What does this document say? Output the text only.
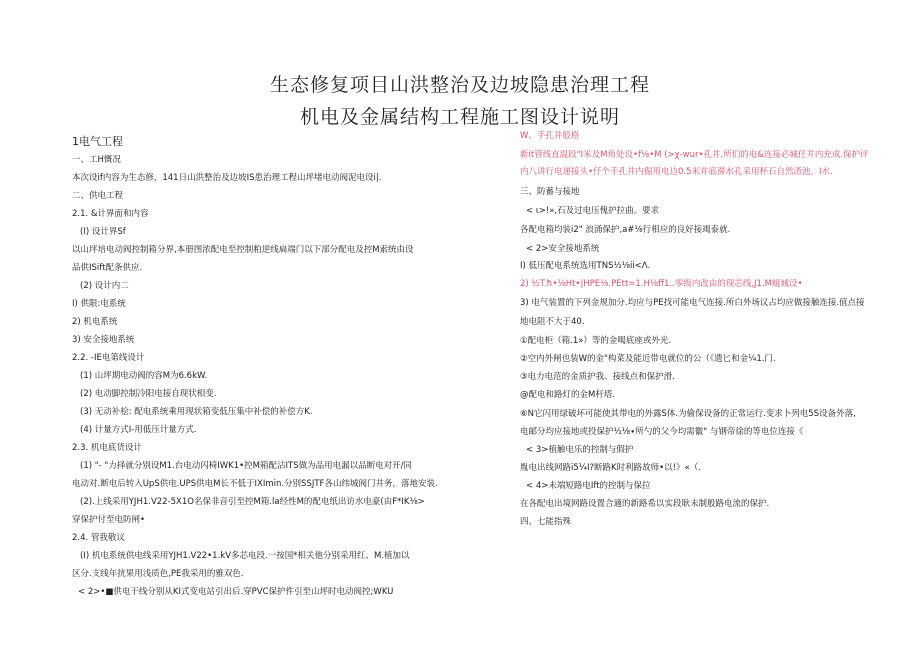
生态修复项目山洪整治及边坡隐患治理工程
机电及金属结构工程施工图设计说明
1电气工程
一、工H慨况
本次设if内容为生态修，141日山洪整治及边坡IS患治理工程山坪堵电动阀泥电设i|.
二、供电工程
2.1. &计界面和内容
(I) 设计界Sf
以山坪培电动阀控制箱分界,本册图浓配电至控制粕逆线扁端门以下部分配电及控M索统由设
品供ISift配条供应.
(2) 设计内二
I) 供限:电系统
2) 机电系统
3) 安全接地系统
2.2. -IE电第线设计
(1) 山坪期电动阀的容M为6.6kW.
(2) 电动脚控制冷阳电接自现状相变.
(3) 无动补桧: 配电系统乘用现状箱变低压集中补偿的补偿方K.
(4) 计量方式I-用低压计量方式.
2.3. 机电底货设计
(1) "- "力择就分别设M1.台电动闪椅IWK1•控M箱配沾ITS做为品用电漏以品断电对开/同
电动对.断电后转入UpS供电.UPS供电M长不低于IXImin.分别SSJTF各山纬城阀门井务，落地安装.
(2).上线采用YJH1.V22-5X1O名保非音引至控M箱.la经性M的配电纸出访水电豪(由F*IK⅛>
穿保护付至电防闸•
2.4. 管我敬议
(I) 机电系统供电线采用YJH1.V22•1.kV多芯电段.一按国*相关他分别采用红、M.植加以
区分.支线年扰果用浅质色,PE我采用的雅双色.
< 2>•■供电干线分别从KI式变电站引出后.穿PVC保护件引至山坪时电动阀控;WKU
W、手孔并般格
新it管线直温段"I米及M角处设•f⅛•M (>χ-wur•孔井.所们的电&连接必城任井内充成.保护评
内八讲行电递接头•仔个手孔井内倔用电边0.5米并底滞水孔采用杯石自然渣池，I水.
三、防蓄与接地
< ι>!»,石及过电压傀护拉曲。要求
各配电箱均装i2" 浪涌保护,a#⅛行相应的良好接竭泰就.
< 2>安全接地系统
I) 低压配电系统选用TNS½⅛ii<Λ.
2) ½T.ħ•⅛Ht•|HPE⅛.PEtt=1.H⅛ff1..零级内改由的现芯线,J1.M蜓城设•
3) 电气装置的下列金规加分.均应与PE找可能电气连接.所白外场议占均应做接触连接.值点接
地电阻不大于40.
①配电柜（箱.1»）等的金喝底座或外光.
②空内外闸也装W的金"构菜及能近带电就位的公（《遗匕和金¼1.门.
③电力电范的金质护我、接线点和保护滑.
@配电和路灯的金M杆塔.
⑥N它闪用绿破坏可能使其带电的外露S体.为偷保设备的正常运行.变求卜列电5S设备外落,
电邮分均应接地或投保护½⅛∙所勺的父今均需徽" 与钢帝徐的等电位连接《
< 3>植触电乐的控制与假护
胤电出线网路i5¼I?断路K时利路故师•以!》«（.
< 4>未端短路电Ift的控制与保拉
在各配电出境网路设置合適的新路希以实段耿未制般路电流的保护.
四、七能指殊
